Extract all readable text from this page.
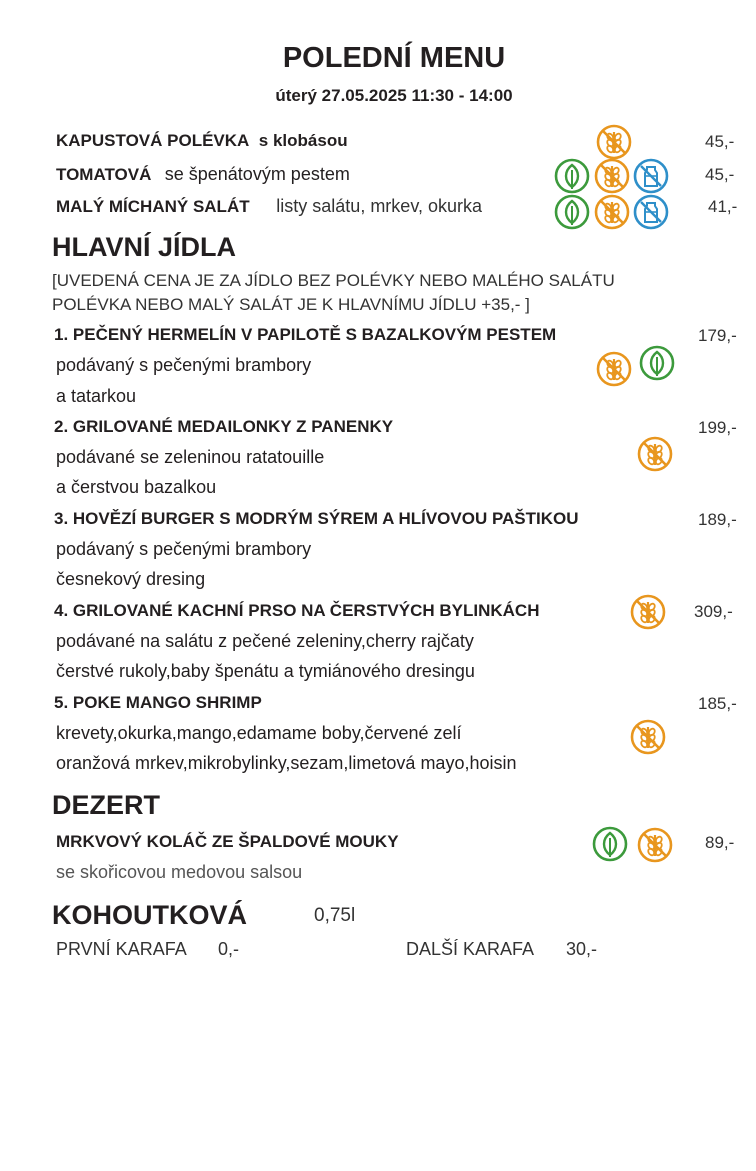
POLEDNÍ MENU
úterý 27.05.2025 11:30 - 14:00
KAPUSTOVÁ POLÉVKA s klobásou	45,-
TOMATOVÁ se špenátovým pestem	45,-
MALÝ MÍCHANÝ SALÁT listy salátu, mrkev, okurka	41,-
HLAVNÍ JÍDLA
[UVEDENÁ CENA JE ZA JÍDLO BEZ POLÉVKY NEBO MALÉHO SALÁTU
POLÉVKA NEBO MALÝ SALÁT JE K HLAVNÍMU JÍDLU +35,- ]
1. PEČENÝ HERMELÍN V PAPILOTĚ S BAZALKOVÝM PESTEM	179,-
podávaný s pečenými brambory
a tatarkou
2. GRILOVANÉ MEDAILONKY Z PANENKY	199,-
podávané se zeleninou ratatouille
a čerstvou bazalkou
3. HOVĚZÍ BURGER S MODRÝM SÝREM A HLÍVOVOU PAŠTIKOU	189,-
podávaný s pečenými brambory
česnekový dresing
4. GRILOVANÉ KACHNÍ PRSO NA ČERSTVÝCH BYLINKÁCH	309,-
podávané na salátu z pečené zeleniny,cherry rajčaty
čerstvé rukoly,baby špenátu a tymiánového dresingu
5. POKE MANGO SHRIMP	185,-
krevety,okurka,mango,edamame boby,červené zelí
oranžová mrkev,mikrobylinky,sezam,limetová mayo,hoisin
DEZERT
MRKVOVÝ KOLÁČ ZE ŠPALDOVÉ MOUKY	89,-
se skořicovou medovou salsou
KOHOUTKOVÁ	0,75l
PRVNÍ KARAFA 0,-	DALŠÍ KARAFA 30,-
